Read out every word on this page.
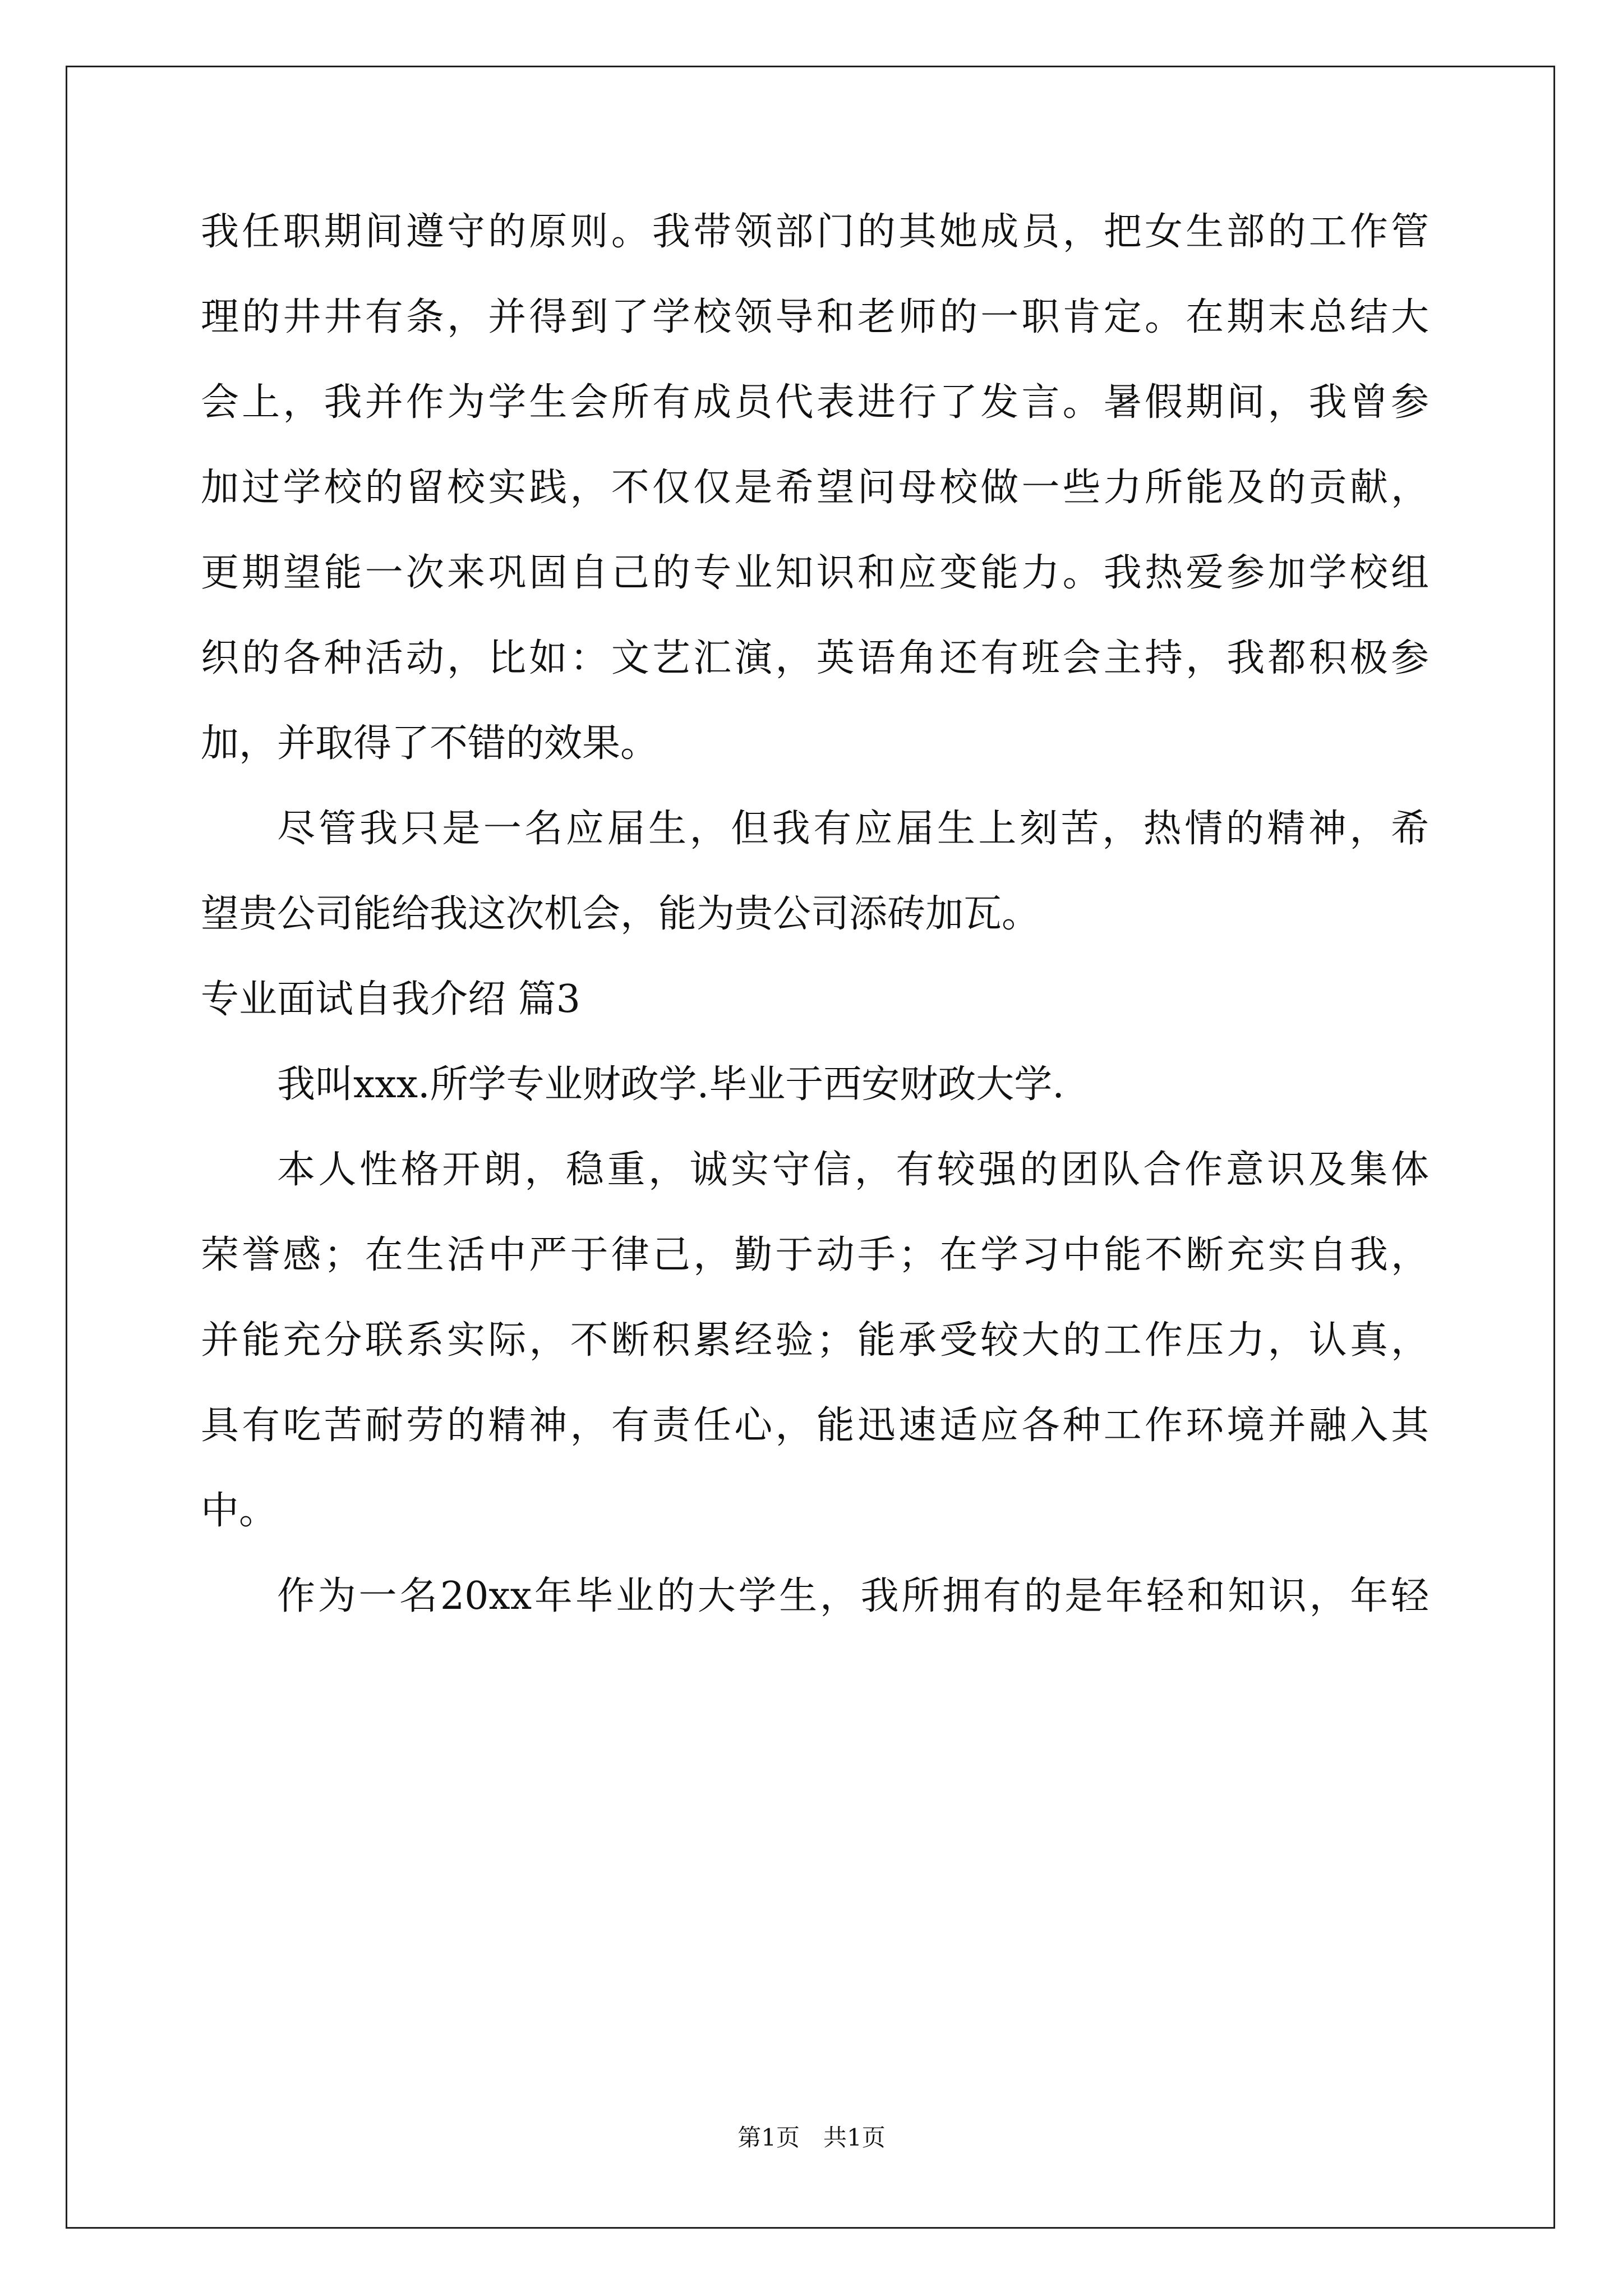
我任职期间遵守的原则。我带领部门的其她成员，把女生部的工作管
理的井井有条，并得到了学校领导和老师的一职肯定。在期末总结大
会上，我并作为学生会所有成员代表进行了发言。暑假期间，我曾参
加过学校的留校实践，不仅仅是希望问母校做一些力所能及的贡献，
更期望能一次来巩固自己的专业知识和应变能力。我热爱参加学校组
织的各种活动，比如：文艺汇演，英语角还有班会主持，我都积极参
加，并取得了不错的效果。
尽管我只是一名应届生，但我有应届生上刻苦，热情的精神，希
望贵公司能给我这次机会，能为贵公司添砖加瓦。
专业面试自我介绍 篇3
我叫xxx.所学专业财政学.毕业于西安财政大学.
本人性格开朗，稳重，诚实守信，有较强的团队合作意识及集体
荣誉感；在生活中严于律己，勤于动手；在学习中能不断充实自我，
并能充分联系实际，不断积累经验；能承受较大的工作压力，认真，
具有吃苦耐劳的精神，有责任心，能迅速适应各种工作环境并融入其
中。
作为一名20xx年毕业的大学生，我所拥有的是年轻和知识，年轻
第1页 共1页
